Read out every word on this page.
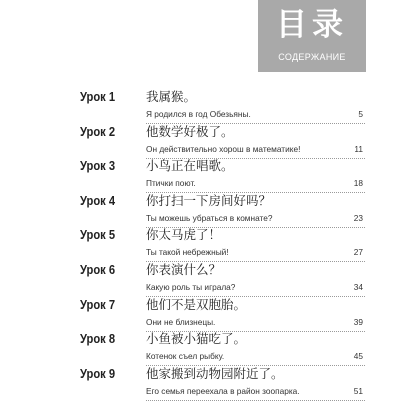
目录
СОДЕРЖАНИЕ
Урок 1 我属猴。
Я родился в год Обезьяны.	5
Урок 2 他数学好极了。
Он действительно хорош в математике!	11
Урок 3 小鸟正在唱歌。
Птички поют.	18
Урок 4 你打扫一下房间好吗？
Ты можешь убраться в комнате?	23
Урок 5 你太马虎了！
Ты такой небрежный!	27
Урок 6 你表演什么？
Какую роль ты играла?	34
Урок 7 他们不是双胞胎。
Они не близнецы.	39
Урок 8 小鱼被小猫吃了。
Котенок съел рыбку.	45
Урок 9 他家搬到动物园附近了。
Его семья переехала в район зоопарка.	51
